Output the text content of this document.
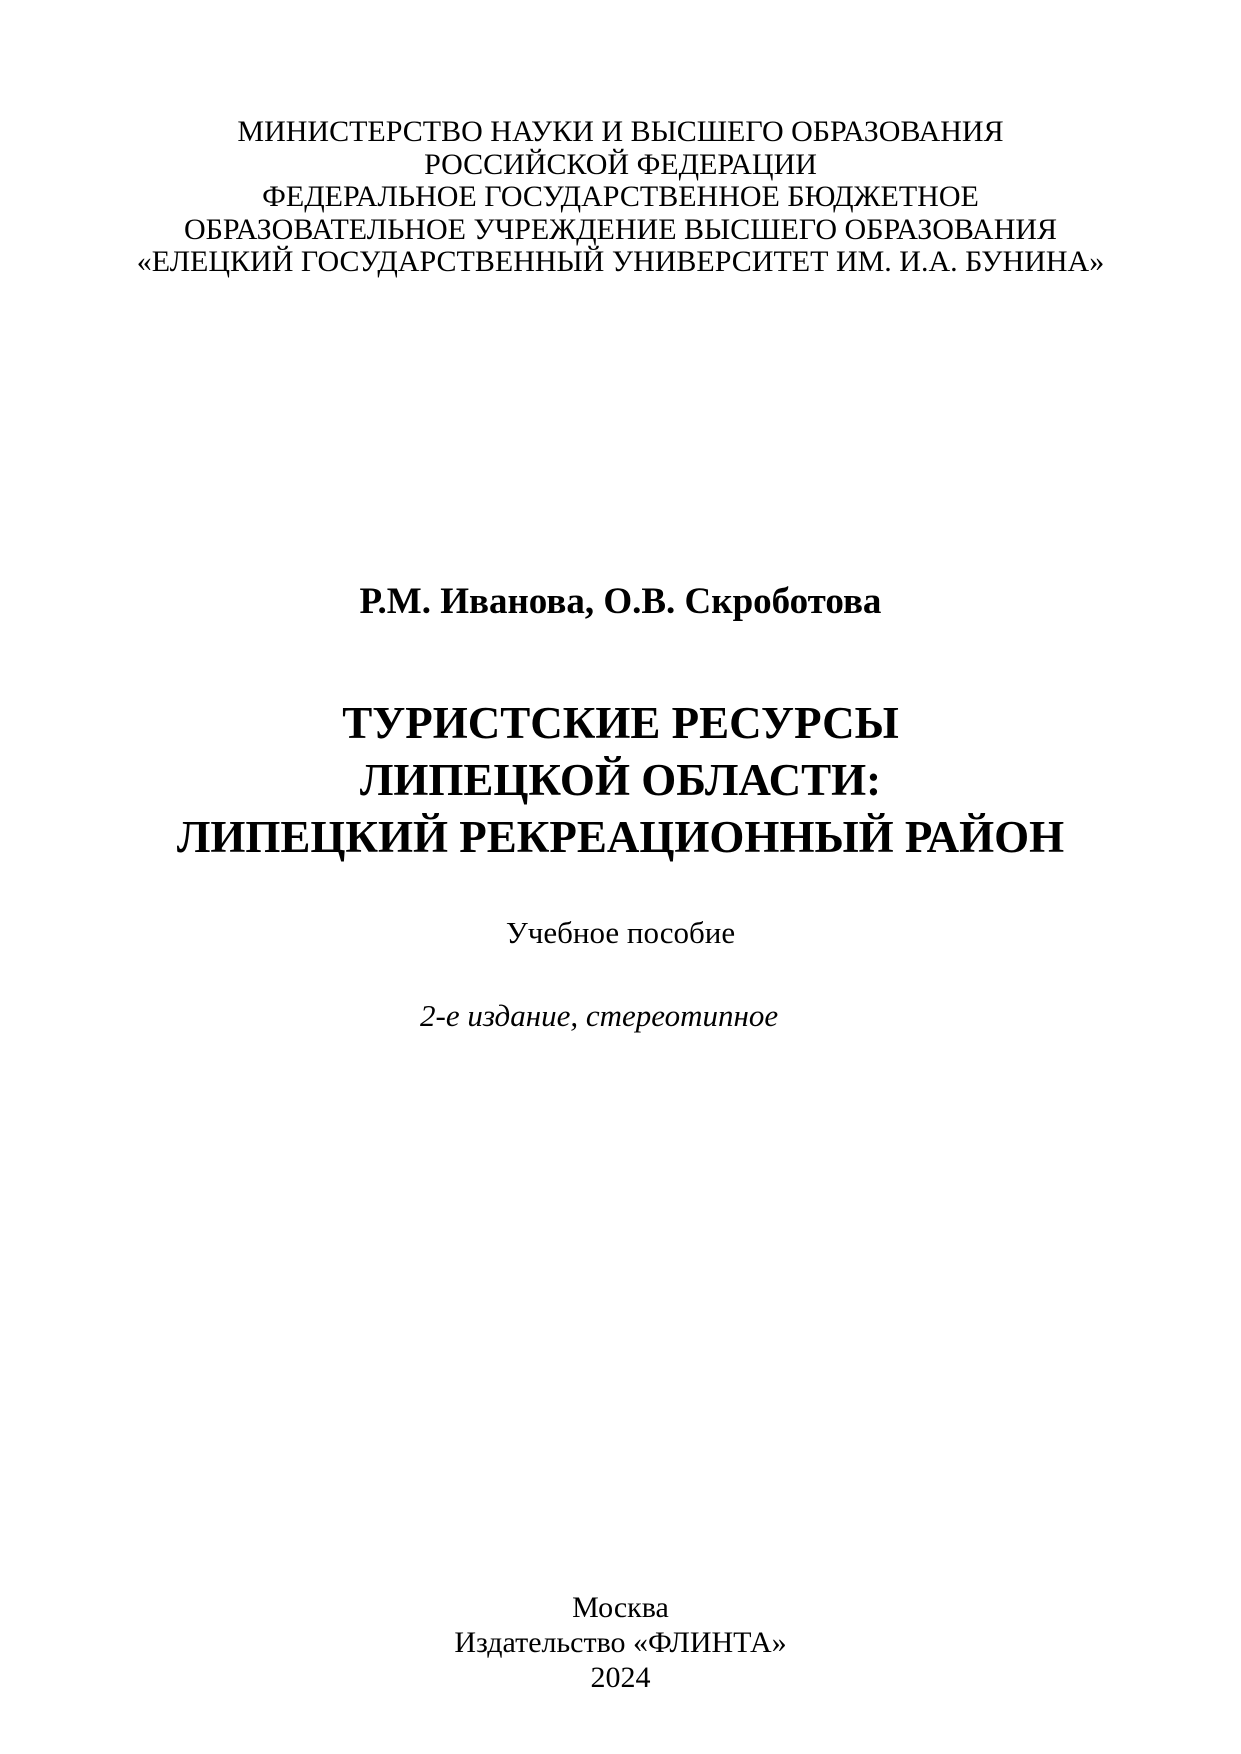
МИНИСТЕРСТВО НАУКИ И ВЫСШЕГО ОБРАЗОВАНИЯ
РОССИЙСКОЙ ФЕДЕРАЦИИ
ФЕДЕРАЛЬНОЕ ГОСУДАРСТВЕННОЕ БЮДЖЕТНОЕ
ОБРАЗОВАТЕЛЬНОЕ УЧРЕЖДЕНИЕ ВЫСШЕГО ОБРАЗОВАНИЯ
«ЕЛЕЦКИЙ ГОСУДАРСТВЕННЫЙ УНИВЕРСИТЕТ ИМ. И.А. БУНИНА»
Р.М. Иванова, О.В. Скроботова
ТУРИСТСКИЕ РЕСУРСЫ
ЛИПЕЦКОЙ ОБЛАСТИ:
ЛИПЕЦКИЙ РЕКРЕАЦИОННЫЙ РАЙОН
Учебное пособие
2-е издание, стереотипное
Москва
Издательство «ФЛИНТА»
2024
